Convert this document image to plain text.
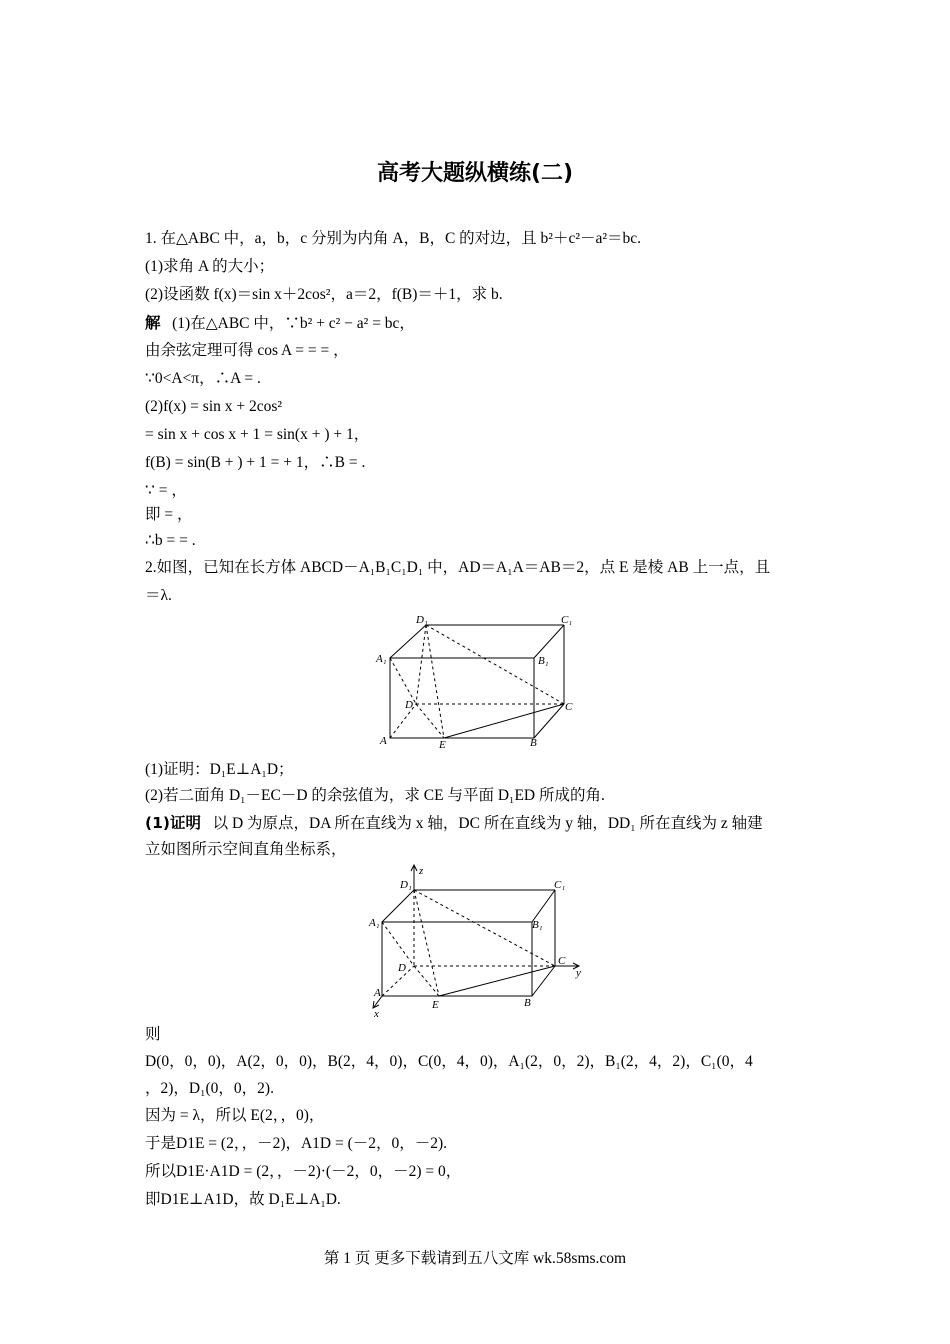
高考大题纵横练(二)
1. 在△ABC 中，a，b，c 分别为内角 A，B，C 的对边，且 b²＋c²－a²＝bc.
(1)求角 A 的大小；
(2)设函数 f(x)＝sin x＋2cos²，a＝2，f(B)＝＋1，求 b.
解 (1)在△ABC 中，∵b² + c² − a² = bc，
由余弦定理可得 cos A = = = ，
∵0<A<π，∴A = .
(2)f(x) = sin x + 2cos²
= sin x + cos x + 1 = sin(x + ) + 1，
f(B) = sin(B + ) + 1 = + 1，∴B = .
∵ = ，
即 = ，
∴b = = .
2.如图，已知在长方体 ABCD－A₁B₁C₁D₁ 中，AD＝A₁A＝AB＝2，点 E 是棱 AB 上一点，且
＝λ.
D₁	C₁
A₁	B₁
D	C
A	E	B
(1)证明：D₁E⊥A₁D；
(2)若二面角 D₁－EC－D 的余弦值为，求 CE 与平面 D₁ED 所成的角.
(1)证明 以 D 为原点，DA 所在直线为 x 轴，DC 所在直线为 y 轴，DD₁ 所在直线为 z 轴建
立如图所示空间直角坐标系，
D₁	C₁
A₁	B₁
D
C
A
E	B
z
y
x
则
D(0，0，0)，A(2，0，0)，B(2，4，0)，C(0，4，0)，A₁(2，0，2)，B₁(2，4，2)，C₁(0，4
，2)，D₁(0，0，2).
因为 = λ，所以 E(2，，0)，
于是D1E = (2，，－2)，A1D = (－2，0，－2).
所以D1E·A1D = (2，，－2)·(－2，0，－2) = 0，
即D1E⊥A1D，故 D₁E⊥A₁D.
第 1 页 更多下载请到五八文库 wk.58sms.com
